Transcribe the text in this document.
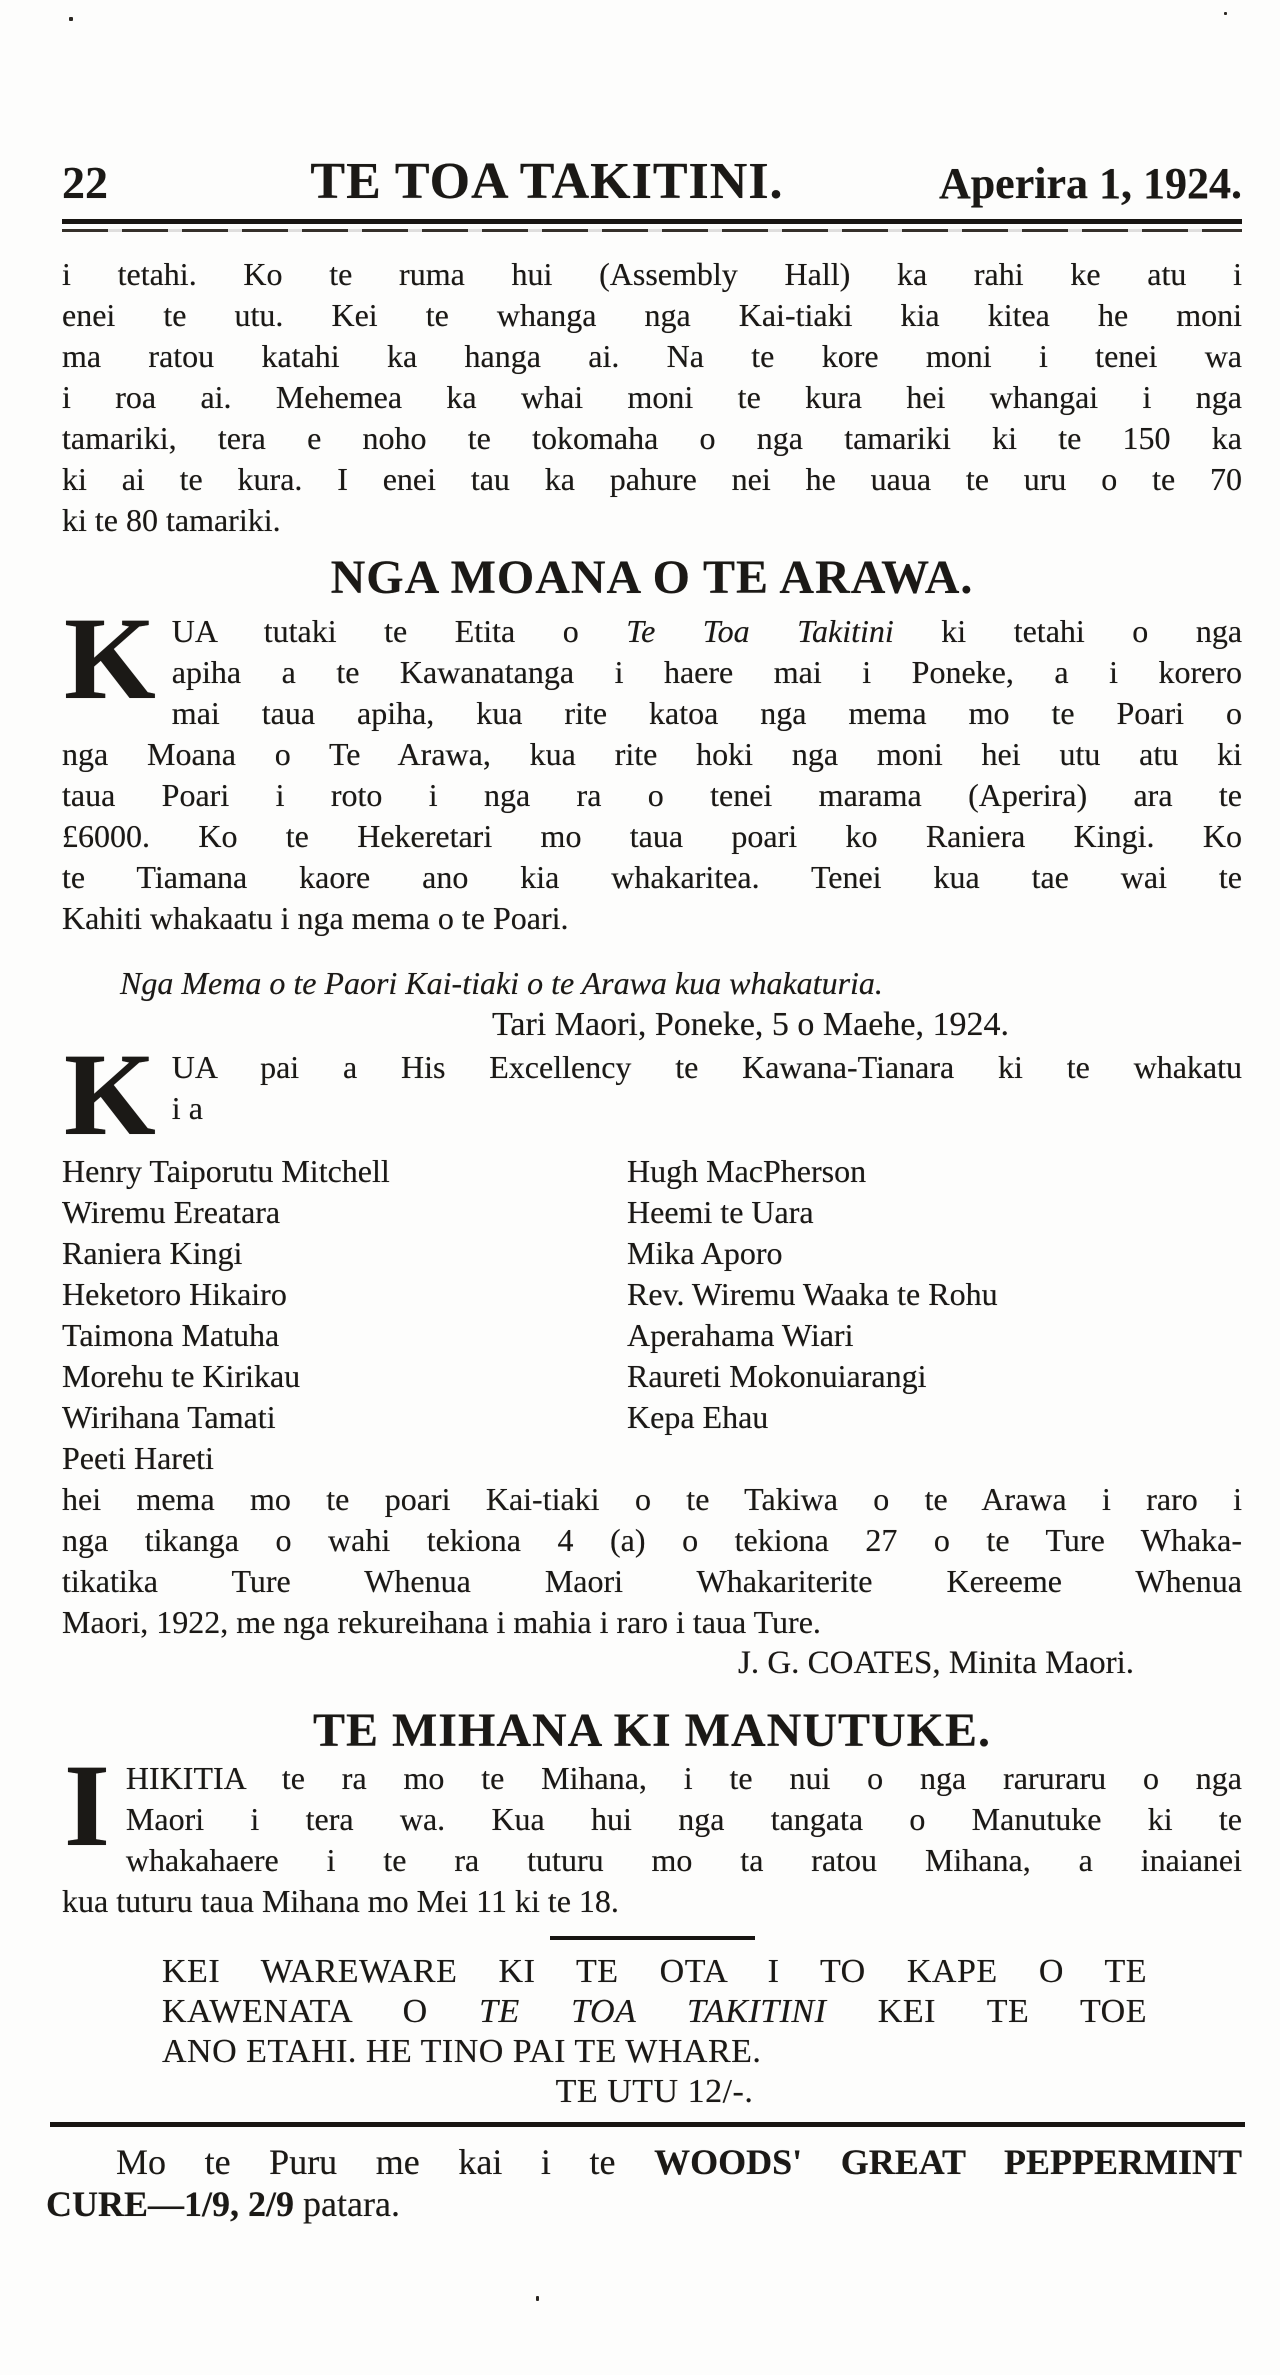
22	TE TOA TAKITINI.	Aperira 1, 1924.
i tetahi. Ko te ruma hui (Assembly Hall) ka rahi ke atu i
enei te utu. Kei te whanga nga Kai-tiaki kia kitea he moni
ma ratou katahi ka hanga ai. Na te kore moni i tenei wa
i roa ai. Mehemea ka whai moni te kura hei whangai i nga
tamariki, tera e noho te tokomaha o nga tamariki ki te 150 ka
ki ai te kura. I enei tau ka pahure nei he uaua te uru o te 70
ki te 80 tamariki.
NGA MOANA O TE ARAWA.
K UA tutaki te Etita o Te Toa Takitini ki tetahi o nga
apiha a te Kawanatanga i haere mai i Poneke, a i korero
mai taua apiha, kua rite katoa nga mema mo te Poari o
nga Moana o Te Arawa, kua rite hoki nga moni hei utu atu ki
taua Poari i roto i nga ra o tenei marama (Aperira) ara te
£6000. Ko te Hekeretari mo taua poari ko Raniera Kingi. Ko
te Tiamana kaore ano kia whakaritea. Tenei kua tae wai te
Kahiti whakaatu i nga mema o te Poari.
Nga Mema o te Paori Kai-tiaki o te Arawa kua whakaturia.
Tari Maori, Poneke, 5 o Maehe, 1924.
K UA pai a His Excellency te Kawana-Tianara ki te whakatu
i a
Henry Taiporutu Mitchell
Wiremu Ereatara
Raniera Kingi
Heketoro Hikairo
Taimona Matuha
Morehu te Kirikau
Wirihana Tamati
Peeti Hareti
Hugh MacPherson
Heemi te Uara
Mika Aporo
Rev. Wiremu Waaka te Rohu
Aperahama Wiari
Raureti Mokonuiarangi
Kepa Ehau
hei mema mo te poari Kai-tiaki o te Takiwa o te Arawa i raro i
nga tikanga o wahi tekiona 4 (a) o tekiona 27 o te Ture Whaka-
tikatika Ture Whenua Maori Whakariterite Kereeme Whenua
Maori, 1922, me nga rekureihana i mahia i raro i taua Ture.
J. G. COATES, Minita Maori.
TE MIHANA KI MANUTUKE.
I HIKITIA te ra mo te Mihana, i te nui o nga raruraru o nga
Maori i tera wa. Kua hui nga tangata o Manutuke ki te
whakahaere i te ra tuturu mo ta ratou Mihana, a inaianei
kua tuturu taua Mihana mo Mei 11 ki te 18.
KEI WAREWARE KI TE OTA I TO KAPE O TE
KAWENATA O TE TOA TAKITINI KEI TE TOE
ANO ETAHI. HE TINO PAI TE WHARE.
TE UTU 12/-.
Mo te Puru me kai i te WOODS' GREAT PEPPERMINT
CURE—1/9, 2/9 patara.
